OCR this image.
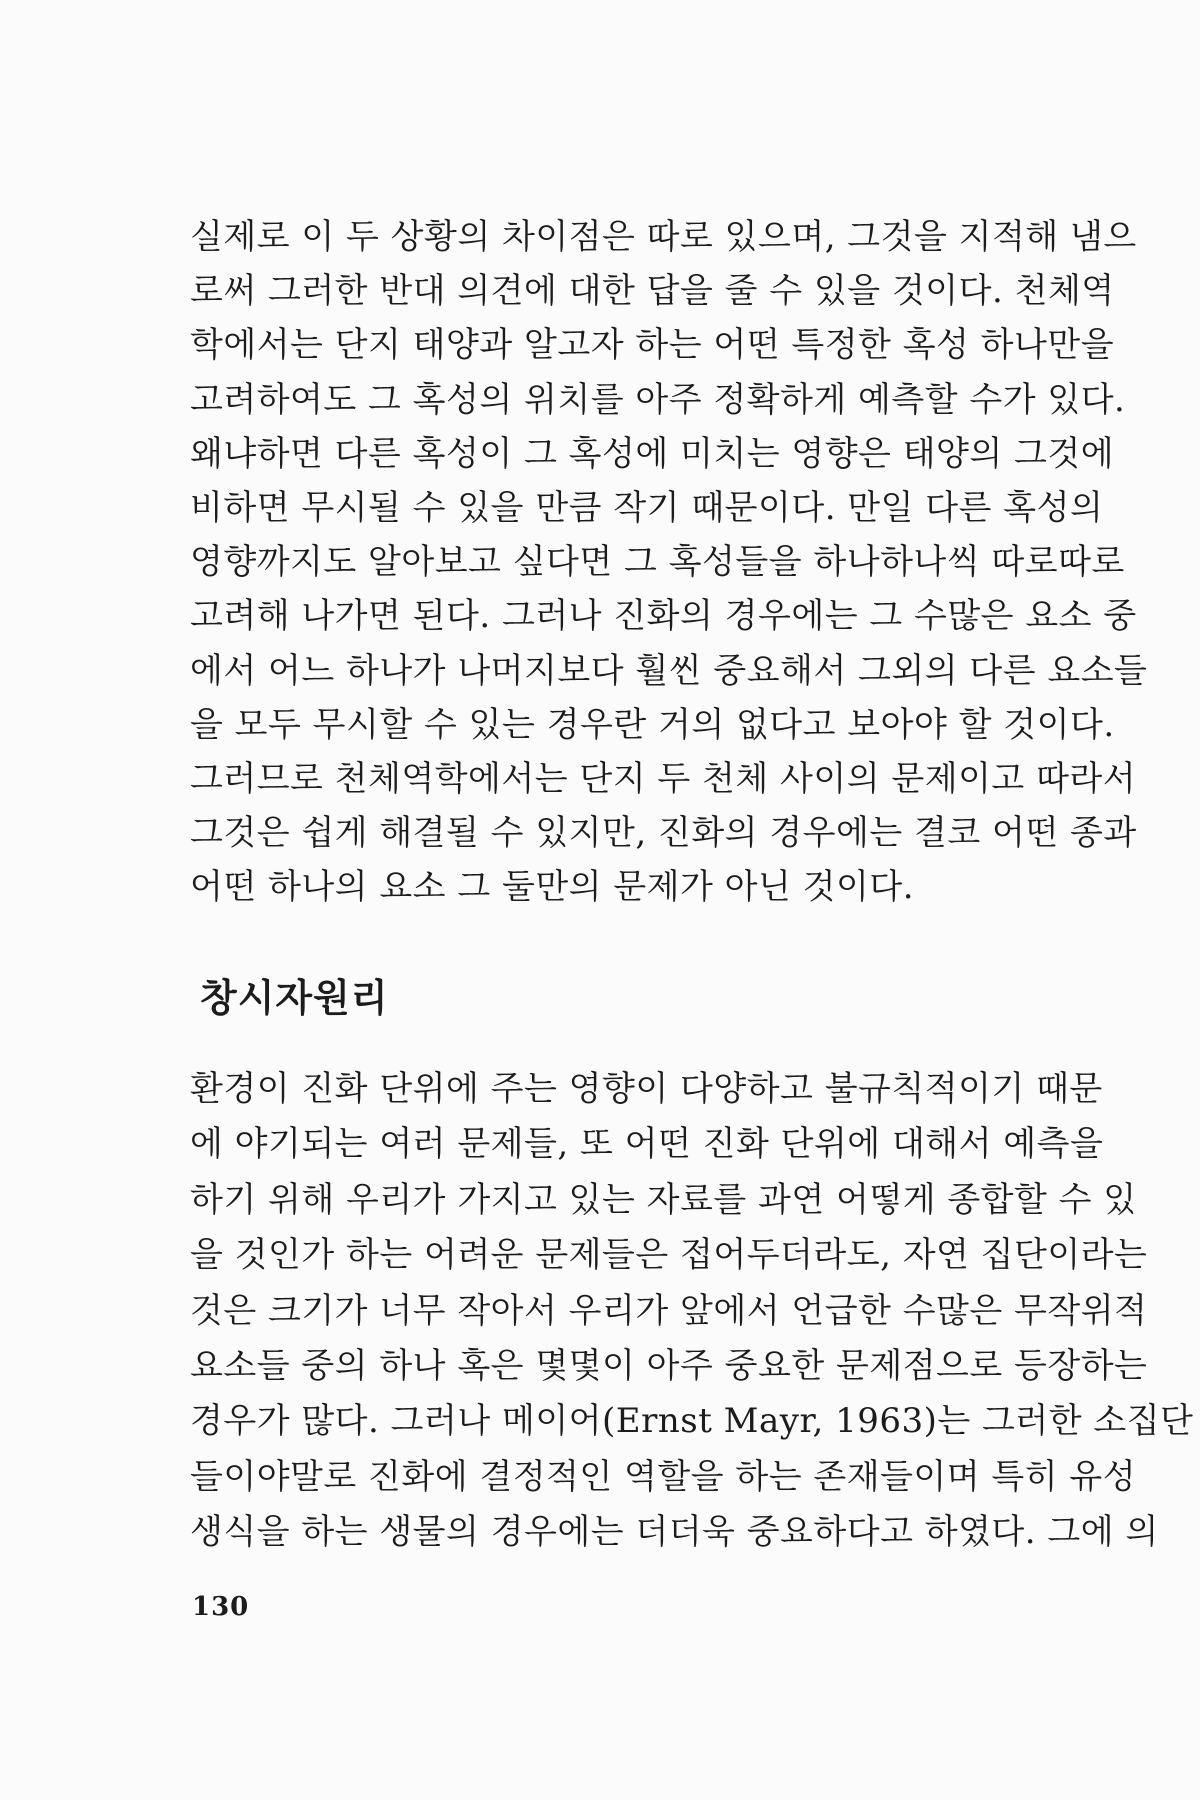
실제로 이 두 상황의 차이점은 따로 있으며, 그것을 지적해 냄으
로써 그러한 반대 의견에 대한 답을 줄 수 있을 것이다. 천체역
학에서는 단지 태양과 알고자 하는 어떤 특정한 혹성 하나만을
고려하여도 그 혹성의 위치를 아주 정확하게 예측할 수가 있다.
왜냐하면 다른 혹성이 그 혹성에 미치는 영향은 태양의 그것에
비하면 무시될 수 있을 만큼 작기 때문이다. 만일 다른 혹성의
영향까지도 알아보고 싶다면 그 혹성들을 하나하나씩 따로따로
고려해 나가면 된다. 그러나 진화의 경우에는 그 수많은 요소 중
에서 어느 하나가 나머지보다 훨씬 중요해서 그외의 다른 요소들
을 모두 무시할 수 있는 경우란 거의 없다고 보아야 할 것이다.
그러므로 천체역학에서는 단지 두 천체 사이의 문제이고 따라서
그것은 쉽게 해결될 수 있지만, 진화의 경우에는 결코 어떤 종과
어떤 하나의 요소 그 둘만의 문제가 아닌 것이다.
창시자원리
환경이 진화 단위에 주는 영향이 다양하고 불규칙적이기 때문
에 야기되는 여러 문제들, 또 어떤 진화 단위에 대해서 예측을
하기 위해 우리가 가지고 있는 자료를 과연 어떻게 종합할 수 있
을 것인가 하는 어려운 문제들은 접어두더라도, 자연 집단이라는
것은 크기가 너무 작아서 우리가 앞에서 언급한 수많은 무작위적
요소들 중의 하나 혹은 몇몇이 아주 중요한 문제점으로 등장하는
경우가 많다. 그러나 메이어(Ernst Mayr, 1963)는 그러한 소집단
들이야말로 진화에 결정적인 역할을 하는 존재들이며 특히 유성
생식을 하는 생물의 경우에는 더더욱 중요하다고 하였다. 그에 의
130
